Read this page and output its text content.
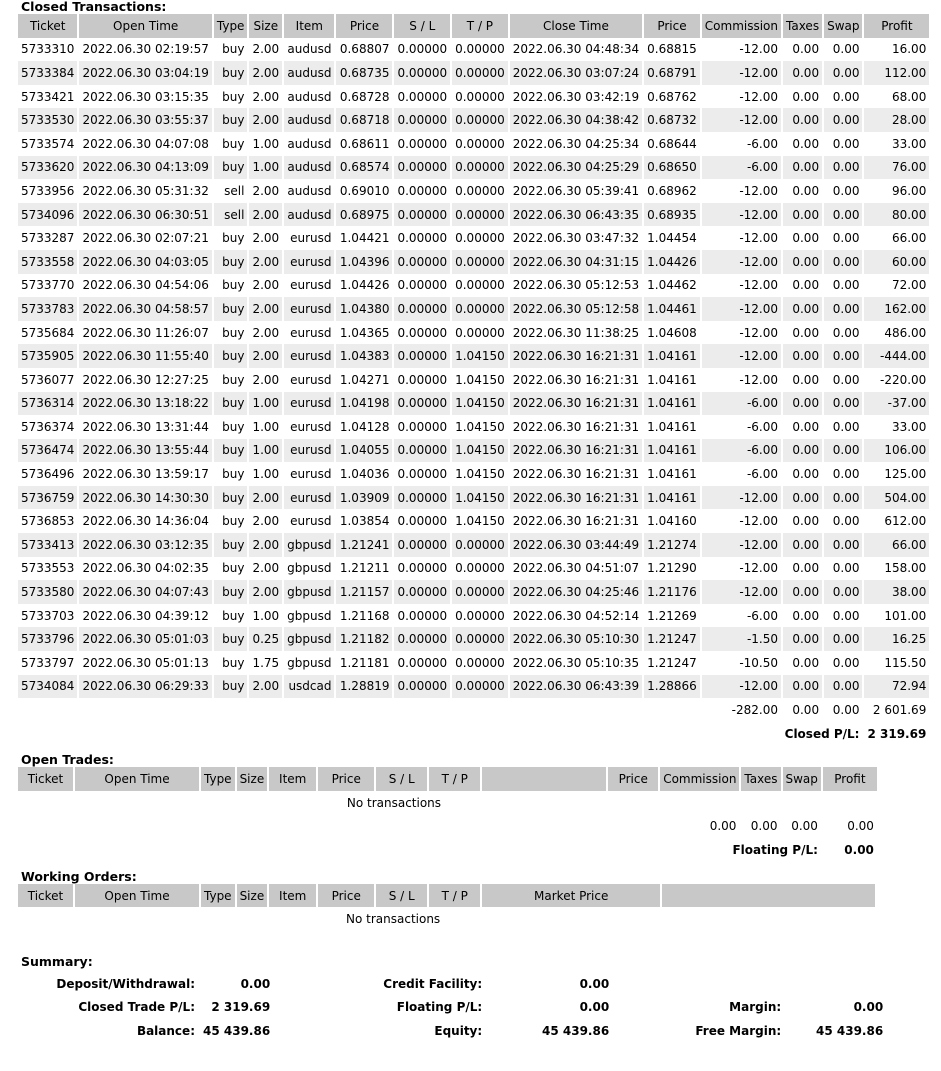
Closed Transactions:
Ticket	Open Time	Type	Size	Item	Price	S / L	T / P	Close Time	Price	Commission	Taxes	Swap	Profit
5733310	2022.06.30 02:19:57	buy	2.00	audusd	0.68807	0.00000	0.00000	2022.06.30 04:48:34	0.68815	-12.00	0.00	0.00	16.00
5733384	2022.06.30 03:04:19	buy	2.00	audusd	0.68735	0.00000	0.00000	2022.06.30 03:07:24	0.68791	-12.00	0.00	0.00	112.00
5733421	2022.06.30 03:15:35	buy	2.00	audusd	0.68728	0.00000	0.00000	2022.06.30 03:42:19	0.68762	-12.00	0.00	0.00	68.00
5733530	2022.06.30 03:55:37	buy	2.00	audusd	0.68718	0.00000	0.00000	2022.06.30 04:38:42	0.68732	-12.00	0.00	0.00	28.00
5733574	2022.06.30 04:07:08	buy	1.00	audusd	0.68611	0.00000	0.00000	2022.06.30 04:25:34	0.68644	-6.00	0.00	0.00	33.00
5733620	2022.06.30 04:13:09	buy	1.00	audusd	0.68574	0.00000	0.00000	2022.06.30 04:25:29	0.68650	-6.00	0.00	0.00	76.00
5733956	2022.06.30 05:31:32	sell	2.00	audusd	0.69010	0.00000	0.00000	2022.06.30 05:39:41	0.68962	-12.00	0.00	0.00	96.00
5734096	2022.06.30 06:30:51	sell	2.00	audusd	0.68975	0.00000	0.00000	2022.06.30 06:43:35	0.68935	-12.00	0.00	0.00	80.00
5733287	2022.06.30 02:07:21	buy	2.00	eurusd	1.04421	0.00000	0.00000	2022.06.30 03:47:32	1.04454	-12.00	0.00	0.00	66.00
5733558	2022.06.30 04:03:05	buy	2.00	eurusd	1.04396	0.00000	0.00000	2022.06.30 04:31:15	1.04426	-12.00	0.00	0.00	60.00
5733770	2022.06.30 04:54:06	buy	2.00	eurusd	1.04426	0.00000	0.00000	2022.06.30 05:12:53	1.04462	-12.00	0.00	0.00	72.00
5733783	2022.06.30 04:58:57	buy	2.00	eurusd	1.04380	0.00000	0.00000	2022.06.30 05:12:58	1.04461	-12.00	0.00	0.00	162.00
5735684	2022.06.30 11:26:07	buy	2.00	eurusd	1.04365	0.00000	0.00000	2022.06.30 11:38:25	1.04608	-12.00	0.00	0.00	486.00
5735905	2022.06.30 11:55:40	buy	2.00	eurusd	1.04383	0.00000	1.04150	2022.06.30 16:21:31	1.04161	-12.00	0.00	0.00	-444.00
5736077	2022.06.30 12:27:25	buy	2.00	eurusd	1.04271	0.00000	1.04150	2022.06.30 16:21:31	1.04161	-12.00	0.00	0.00	-220.00
5736314	2022.06.30 13:18:22	buy	1.00	eurusd	1.04198	0.00000	1.04150	2022.06.30 16:21:31	1.04161	-6.00	0.00	0.00	-37.00
5736374	2022.06.30 13:31:44	buy	1.00	eurusd	1.04128	0.00000	1.04150	2022.06.30 16:21:31	1.04161	-6.00	0.00	0.00	33.00
5736474	2022.06.30 13:55:44	buy	1.00	eurusd	1.04055	0.00000	1.04150	2022.06.30 16:21:31	1.04161	-6.00	0.00	0.00	106.00
5736496	2022.06.30 13:59:17	buy	1.00	eurusd	1.04036	0.00000	1.04150	2022.06.30 16:21:31	1.04161	-6.00	0.00	0.00	125.00
5736759	2022.06.30 14:30:30	buy	2.00	eurusd	1.03909	0.00000	1.04150	2022.06.30 16:21:31	1.04161	-12.00	0.00	0.00	504.00
5736853	2022.06.30 14:36:04	buy	2.00	eurusd	1.03854	0.00000	1.04150	2022.06.30 16:21:31	1.04160	-12.00	0.00	0.00	612.00
5733413	2022.06.30 03:12:35	buy	2.00	gbpusd	1.21241	0.00000	0.00000	2022.06.30 03:44:49	1.21274	-12.00	0.00	0.00	66.00
5733553	2022.06.30 04:02:35	buy	2.00	gbpusd	1.21211	0.00000	0.00000	2022.06.30 04:51:07	1.21290	-12.00	0.00	0.00	158.00
5733580	2022.06.30 04:07:43	buy	2.00	gbpusd	1.21157	0.00000	0.00000	2022.06.30 04:25:46	1.21176	-12.00	0.00	0.00	38.00
5733703	2022.06.30 04:39:12	buy	1.00	gbpusd	1.21168	0.00000	0.00000	2022.06.30 04:52:14	1.21269	-6.00	0.00	0.00	101.00
5733796	2022.06.30 05:01:03	buy	0.25	gbpusd	1.21182	0.00000	0.00000	2022.06.30 05:10:30	1.21247	-1.50	0.00	0.00	16.25
5733797	2022.06.30 05:01:13	buy	1.75	gbpusd	1.21181	0.00000	0.00000	2022.06.30 05:10:35	1.21247	-10.50	0.00	0.00	115.50
5734084	2022.06.30 06:29:33	buy	2.00	usdcad	1.28819	0.00000	0.00000	2022.06.30 06:43:39	1.28866	-12.00	0.00	0.00	72.94
										-282.00	0.00	0.00	2 601.69
										Closed P/L:			2 319.69
Open Trades:
Ticket	Open Time	Type	Size	Item	Price	S / L	T / P		Price	Commission	Taxes	Swap	Profit
No transactions													
										0.00	0.00	0.00	0.00
										Floating P/L:			0.00
Working Orders:
Ticket	Open Time	Type	Size	Item	Price	S / L	T / P	Market Price	
No transactions
Summary:
Deposit/Withdrawal:	0.00	Credit Facility:	0.00		
Closed Trade P/L:	2 319.69	Floating P/L:	0.00	Margin:	0.00
Balance:	45 439.86	Equity:	45 439.86	Free Margin:	45 439.86
